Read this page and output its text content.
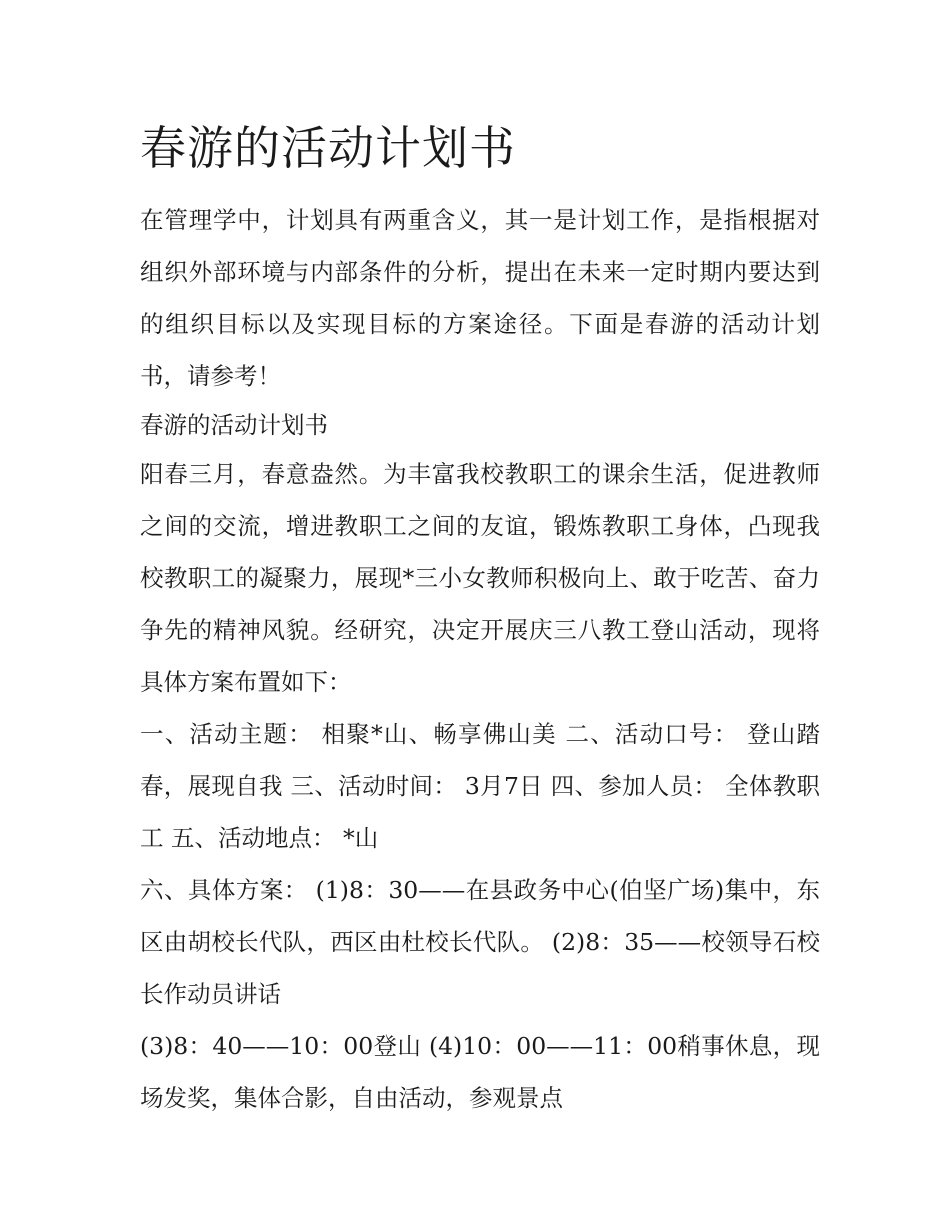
春游的活动计划书

在管理学中，计划具有两重含义，其一是计划工作，是指根据对组织外部环境与内部条件的分析，提出在未来一定时期内要达到的组织目标以及实现目标的方案途径。下面是春游的活动计划书，请参考！

春游的活动计划书

阳春三月，春意盎然。为丰富我校教职工的课余生活，促进教师之间的交流，增进教职工之间的友谊，锻炼教职工身体，凸现我校教职工的凝聚力，展现*三小女教师积极向上、敢于吃苦、奋力争先的精神风貌。经研究，决定开展庆三八教工登山活动，现将具体方案布置如下：

一、活动主题： 相聚*山、畅享佛山美 二、活动口号： 登山踏春，展现自我 三、活动时间： 3月7日 四、参加人员： 全体教职工 五、活动地点： *山

六、具体方案： (1)8：30——在县政务中心(伯坚广场)集中，东区由胡校长代队，西区由杜校长代队。 (2)8：35——校领导石校长作动员讲话

(3)8：40——10：00登山 (4)10：00——11：00稍事休息，现场发奖，集体合影，自由活动，参观景点
